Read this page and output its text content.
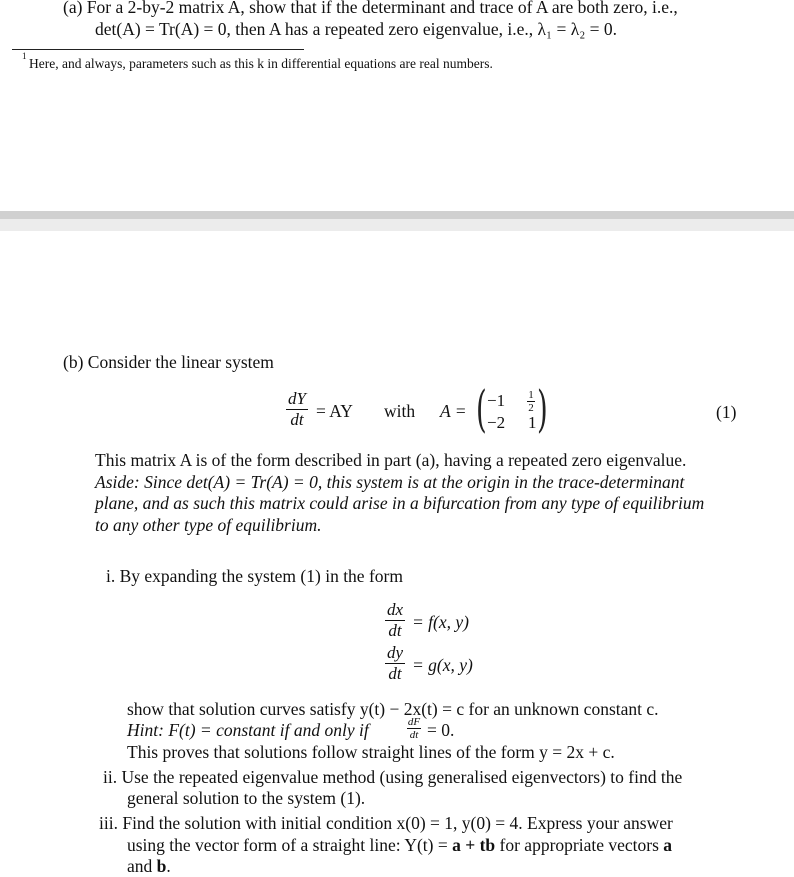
(a) For a 2-by-2 matrix A, show that if the determinant and trace of A are both zero, i.e.,
det(A) = Tr(A) = 0, then A has a repeated zero eigenvalue, i.e., λ₁ = λ₂ = 0.
1 Here, and always, parameters such as this k in differential equations are real numbers.
(b) Consider the linear system
dY
dt = AY with A = ( −1 1
2
−2 1 )	(1)
This matrix A is of the form described in part (a), having a repeated zero eigenvalue.
Aside: Since det(A) = Tr(A) = 0, this system is at the origin in the trace-determinant
plane, and as such this matrix could arise in a bifurcation from any type of equilibrium
to any other type of equilibrium.
i. By expanding the system (1) in the form
dx
dt = f(x, y)
dy
dt = g(x, y)
show that solution curves satisfy y(t) − 2x(t) = c for an unknown constant c.
Hint: F(t) = constant if and only if	dF
dt = 0.
This proves that solutions follow straight lines of the form y = 2x + c.
ii. Use the repeated eigenvalue method (using generalised eigenvectors) to find the
general solution to the system (1).
iii. Find the solution with initial condition x(0) = 1, y(0) = 4. Express your answer
using the vector form of a straight line: Y(t) = a + tb for appropriate vectors a
and b.
